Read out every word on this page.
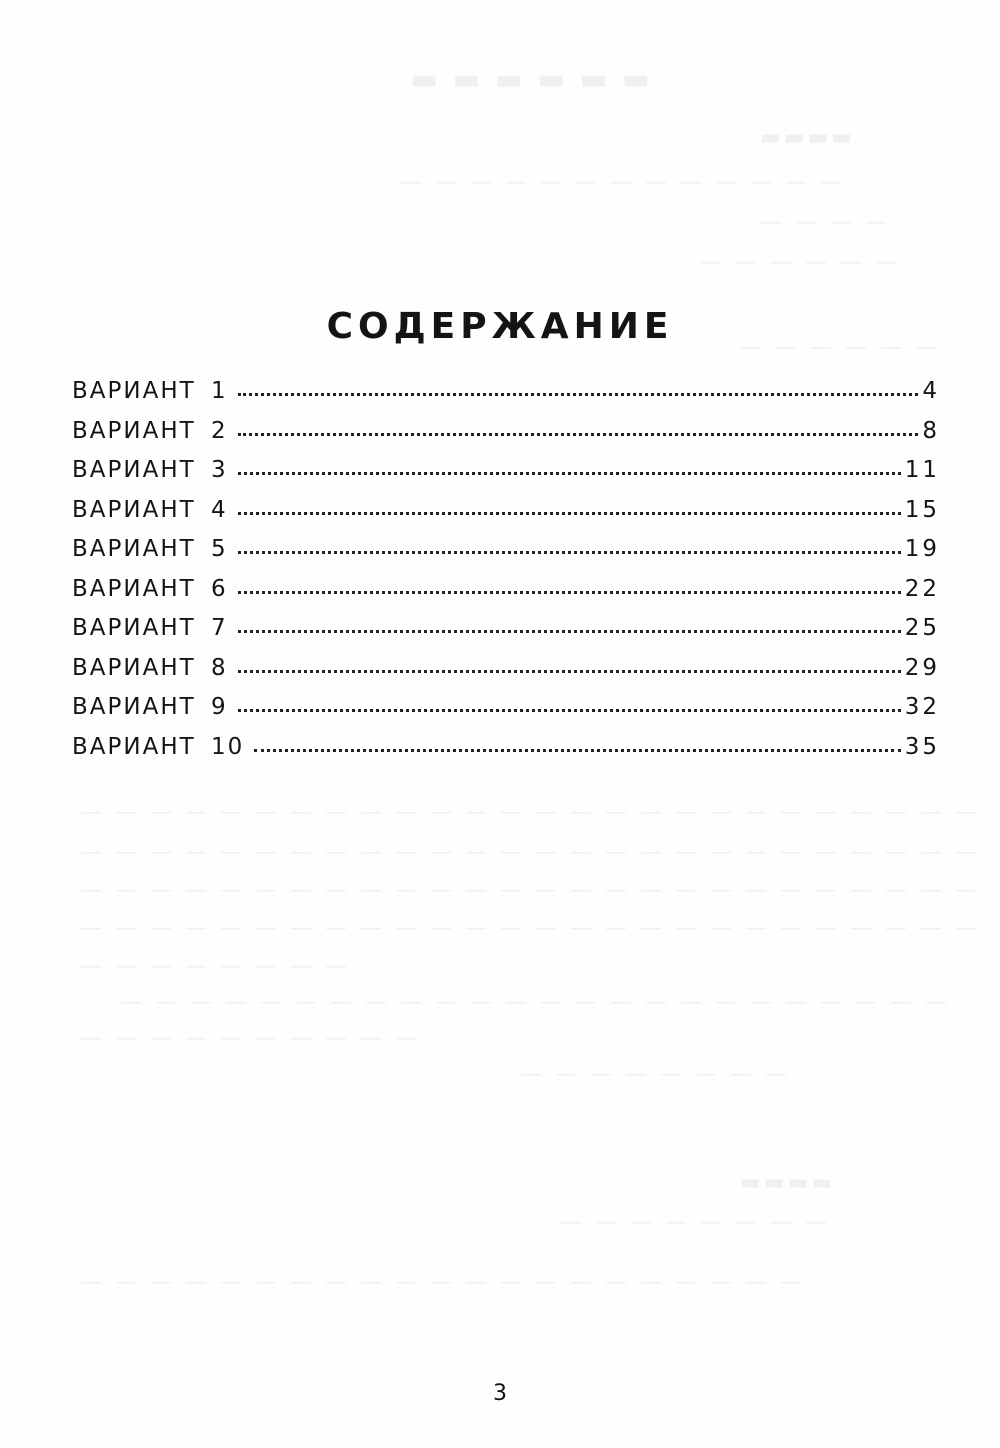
▬▬▬▬▬▬
▬▬▬▬
— — — — — — — — — — — — —
— — — —
— — — — — —
— — — — — —
— — — — — — — — — — — — — — — — — — — — — — — — — —
— — — — — — — — — — — — — — — — — — — — — — — — — —
— — — — — — — — — — — — — — — — — — — — — — — — — —
— — — — — — — — — — — — — — — — — — — — — — — — — —
— — — — — — — —
— — — — — — — — — — — — — — — — — — — — — — — —
— — — — — — — — — —
— — — — — — — —
▬▬▬▬
— — — — — — — —
— — — — — — — — — — — — — — — — — — — — —
СОДЕРЖАНИЕ
ВАРИАНТ 1	4
ВАРИАНТ 2	8
ВАРИАНТ 3	11
ВАРИАНТ 4	15
ВАРИАНТ 5	19
ВАРИАНТ 6	22
ВАРИАНТ 7	25
ВАРИАНТ 8	29
ВАРИАНТ 9	32
ВАРИАНТ 10	35
3
